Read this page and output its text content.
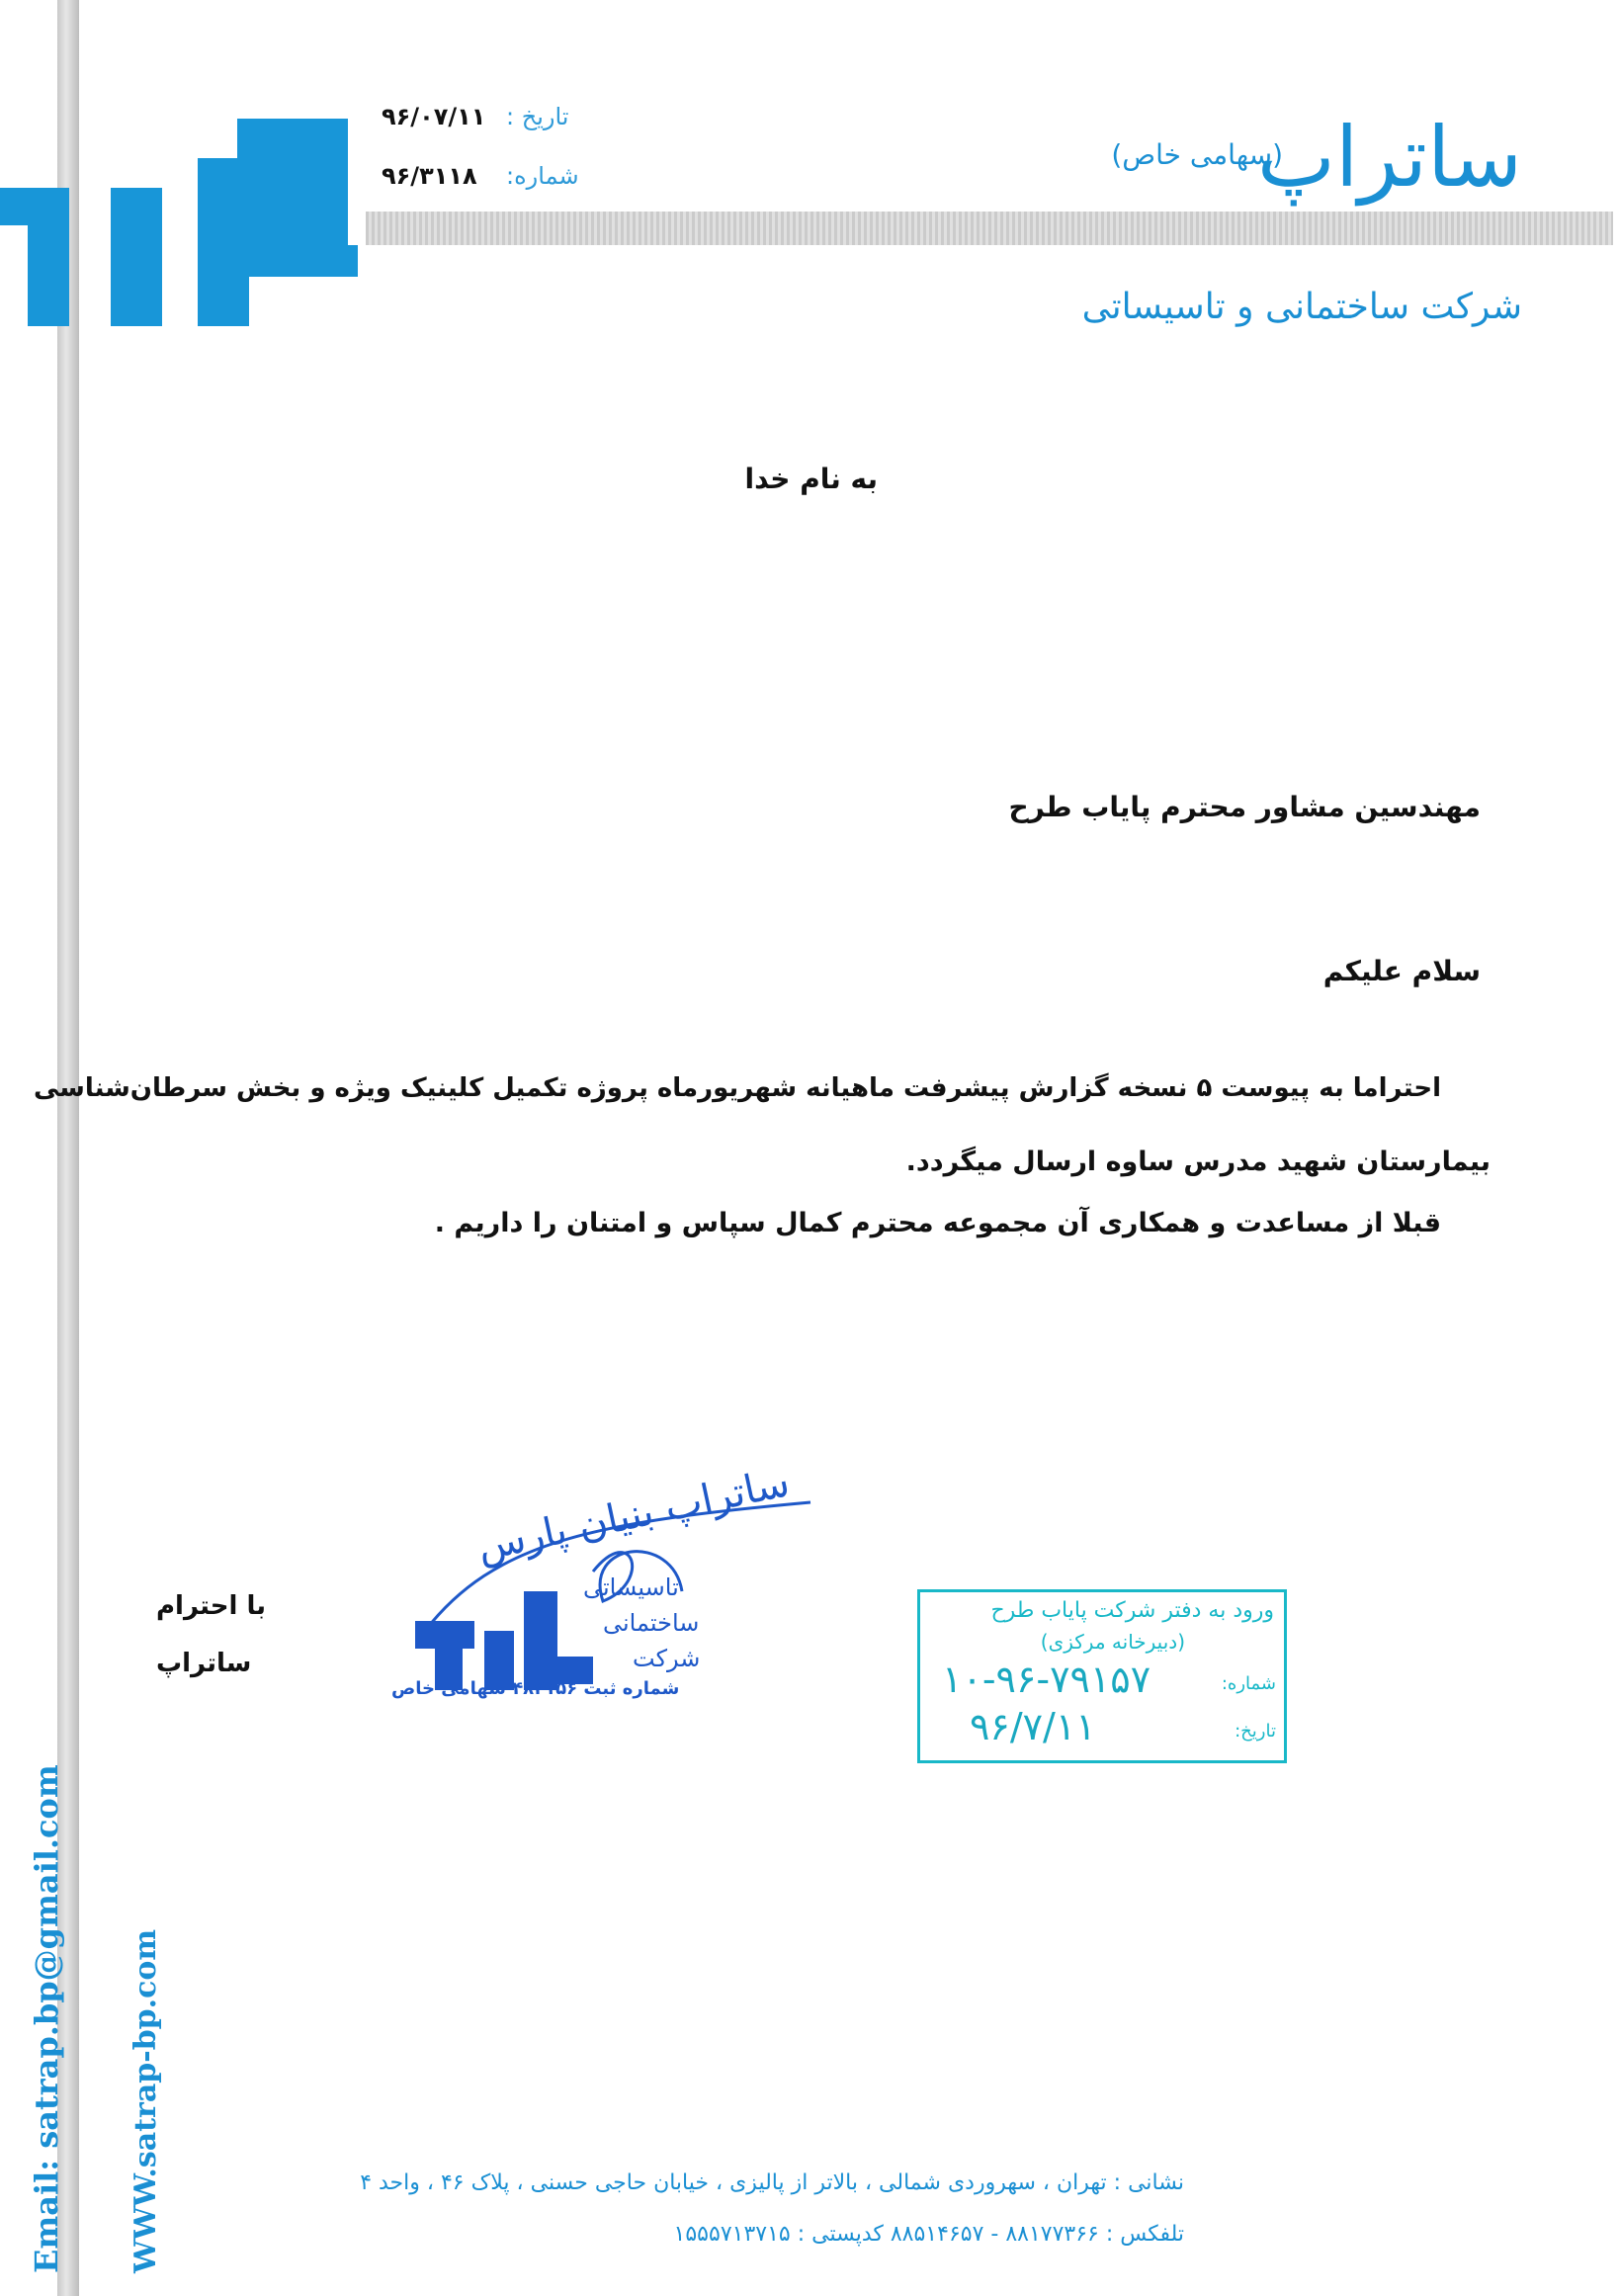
ساتراپ
(سهامی خاص)
شرکت ساختمانی و تاسیساتی
تاریخ :
۹۶/۰۷/۱۱
شماره:
۹۶/۳۱۱۸
به نام خدا
مهندسین مشاور محترم پایاب طرح
سلام علیکم
احتراما به پیوست ۵ نسخه گزارش پیشرفت ماهیانه شهریورماه پروژه تکمیل کلینیک ویژه و بخش سرطان‌شناسی
بیمارستان شهید مدرس ساوه ارسال میگردد.
قبلا از مساعدت و همکاری آن مجموعه محترم کمال سپاس و امتنان را داریم .
با احترام
ساتراپ
ساتراپ بنیان پارس
تاسیساتی
ساختمانی
شرکت
شماره ثبت ۴۸۴۱۵۶ سهامی خاص
ورود به دفتر شرکت پایاب طرح
(دبیرخانه مرکزی)
شماره:
۱۰-۹۶-۷۹۱۵۷
تاریخ:
۹۶/۷/۱۱
Email: satrap.bp@gmail.com WWW.satrap-bp.com	نشانی : تهران ، سهروردی شمالی ، بالاتر از پالیزی ، خیابان حاجی حسنی ، پلاک ۴۶ ، واحد ۴
تلفکس : ۸۸۱۷۷۳۶۶ - ۸۸۵۱۴۶۵۷ کدپستی : ۱۵۵۵۷۱۳۷۱۵
